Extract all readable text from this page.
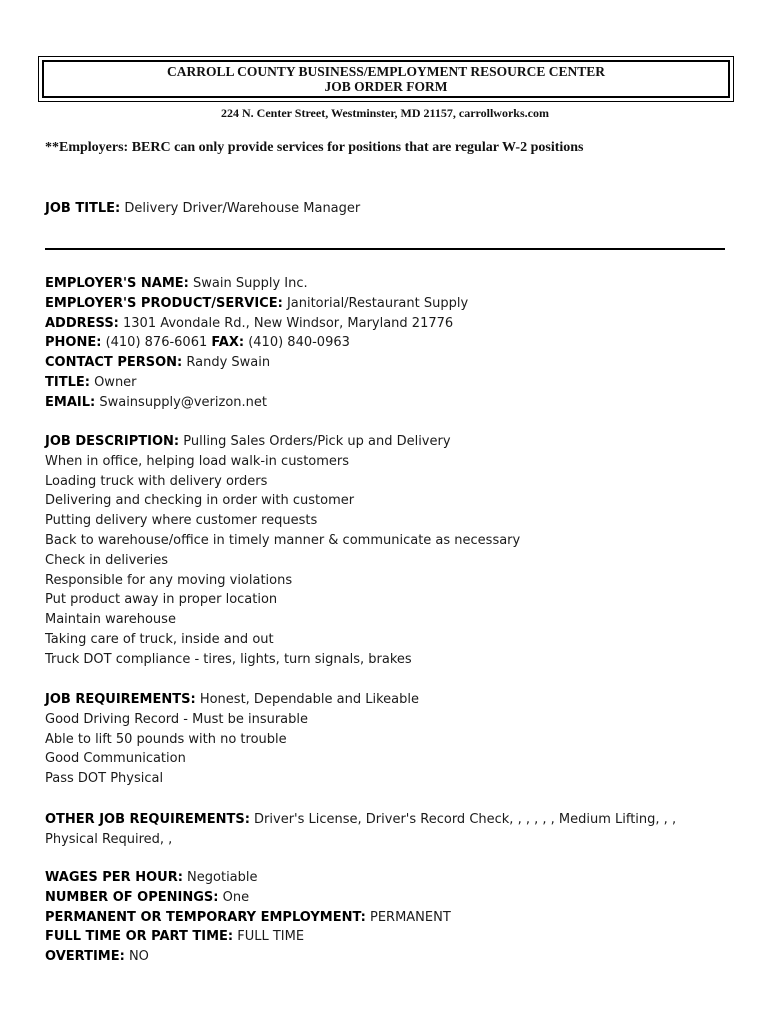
CARROLL COUNTY BUSINESS/EMPLOYMENT RESOURCE CENTER
JOB ORDER FORM
224 N. Center Street, Westminster, MD 21157, carrollworks.com
**Employers: BERC can only provide services for positions that are regular W-2 positions
JOB TITLE: Delivery Driver/Warehouse Manager
EMPLOYER'S NAME: Swain Supply Inc.
EMPLOYER'S PRODUCT/SERVICE: Janitorial/Restaurant Supply
ADDRESS: 1301 Avondale Rd., New Windsor, Maryland 21776
PHONE: (410) 876-6061 FAX: (410) 840-0963
CONTACT PERSON: Randy Swain
TITLE: Owner
EMAIL: Swainsupply@verizon.net
JOB DESCRIPTION: Pulling Sales Orders/Pick up and Delivery
When in office, helping load walk-in customers
Loading truck with delivery orders
Delivering and checking in order with customer
Putting delivery where customer requests
Back to warehouse/office in timely manner & communicate as necessary
Check in deliveries
Responsible for any moving violations
Put product away in proper location
Maintain warehouse
Taking care of truck, inside and out
Truck DOT compliance - tires, lights, turn signals, brakes
JOB REQUIREMENTS: Honest, Dependable and Likeable
Good Driving Record - Must be insurable
Able to lift 50 pounds with no trouble
Good Communication
Pass DOT Physical
OTHER JOB REQUIREMENTS: Driver's License, Driver's Record Check, , , , , , Medium Lifting, , , Physical Required, ,
WAGES PER HOUR: Negotiable
NUMBER OF OPENINGS: One
PERMANENT OR TEMPORARY EMPLOYMENT: PERMANENT
FULL TIME OR PART TIME: FULL TIME
OVERTIME: NO
